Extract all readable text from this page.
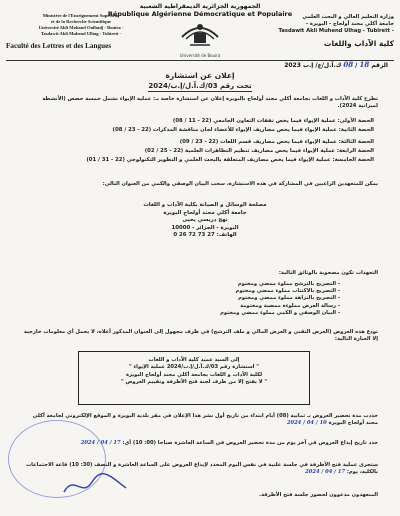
الجمهورية الجزائرية الديمقراطية الشعبية
République Algérienne Démocratique et Populaire
Ministère de l'Enseignement Supérieur
et de la Recherche Scientifique
Université Akli Mohand Oulhadj - Bouira -
Tasdawit Akli Muhend Ulhag - Tubirett -
Faculté des Lettres et des Langues
وزارة التعليم العالي و البحث العلمي
جامعة أكلي محند أولحاج - البويرة -
Tasdawit Akli Muhend Ulhag - Tubirett -
كلية الآداب واللغات
Université de Bouira
الرقم 18 / 08 ك.آ.ل/ع/ إ.ب 2023
إعلان عن استشارة
تحت رقم 03/ك.آ.ل/إ.ب/2024
تطرح كلية الآداب و اللغات بجامعة أكلي محند أولحاج بالبويرة إعلان عن استشارة خاصة بـ: عملية الإيواء تشمل خمسة حصص (الأنشطة لميزانية 2024).
الحصة الأولى: عملية الإيواء فيما يخص نفقات التعاون الجامعي (22 - 11 / 08)
الحصة الثانية: عملية الإيواء فيما يخص مصاريف الإيواء للأعضاء لجان مناقشة المذكرات (22 - 23 / 08)
الحصة الثالثة: عملية الإيواء فيما يخص مصاريف قسم اللغات (22 - 23 / 09)
الحصة الرابعة: عملية الإيواء فيما يخص مصاريف تنظيم التظاهرات العلمية (22 - 25 / 02)
الحصة الخامسة: عملية الإيواء فيما يخص مصاريف المتعلقة بالبحث العلمي و التطوير التكنولوجي (22 - 31 / 01)
يمكن للمتعهدين الراغبين في المشاركة في هذه الاستشارة، سحب البيان الوصفي والكمي من العنوان التالي:
مصلحة الوسائل و الصيانة بكلية الآداب و اللغات
جامعة أكلي محند أولحاج البويرة
نهج دريسي يحيى
10000 - البويرة - الجزائر
الهاتف: 27 73 72 26 0
التعهدات تكون مصحوبة بالوثائق التالية:
- التصريح بالترشح مملوء ممضي ومختوم
- التصريح بالاكتتاب مملوء ممضي ومختوم
- التصريح بالنزاهة مملوء ممضي ومختوم
- رسالة العرض مملوءة ممضية ومختومة
- البيان الوصفي و الكمي مملوء ممضي ومختوم
تودع هذه العروض (العرض التقني و العرض المالي و ملف الترشح) في ظرف مجهول إلى العنوان المذكور أعلاه، لا يحمل أي معلومات خارجية إلا العبارة التالية:
إلى السيد عميد كلية الآداب و اللغات
" استشارة رقم 03/ك.آ.ل/إ.ب/2024 عملية الإيواء "
لكلية الآداب و اللغات بجامعة أكلي محند أولحاج البويرة
" لا يفتح إلا من طرف لجنة فتح الأظرفة وتقييم العروض "
حددت مدة تحضير العروض بـ ثمانية (08) أيام ابتداء من تاريخ أول نشر هذا الإعلان في مقر بلدية البويرة و الموقع الإلكتروني لجامعة أكلي محند أولحاج البويرة 10 / 04 / 2024
حدد تاريخ إيداع العروض في آخر يوم من مدة تحضير العروض في الساعة العاشرة صباحا (00: 10) أي: 17 / 04 / 2024
ستجرى عملية فتح الأظرفة في جلسة علنية في نفس اليوم المحدد لإيداع العروض على الساعة العاشرة و النصف (30: 10) قاعة الاجتماعات بالكلية، يوم: 17 / 04 / 2024
المتعهدون مدعوون لحضور جلسة فتح الأظرفة.
